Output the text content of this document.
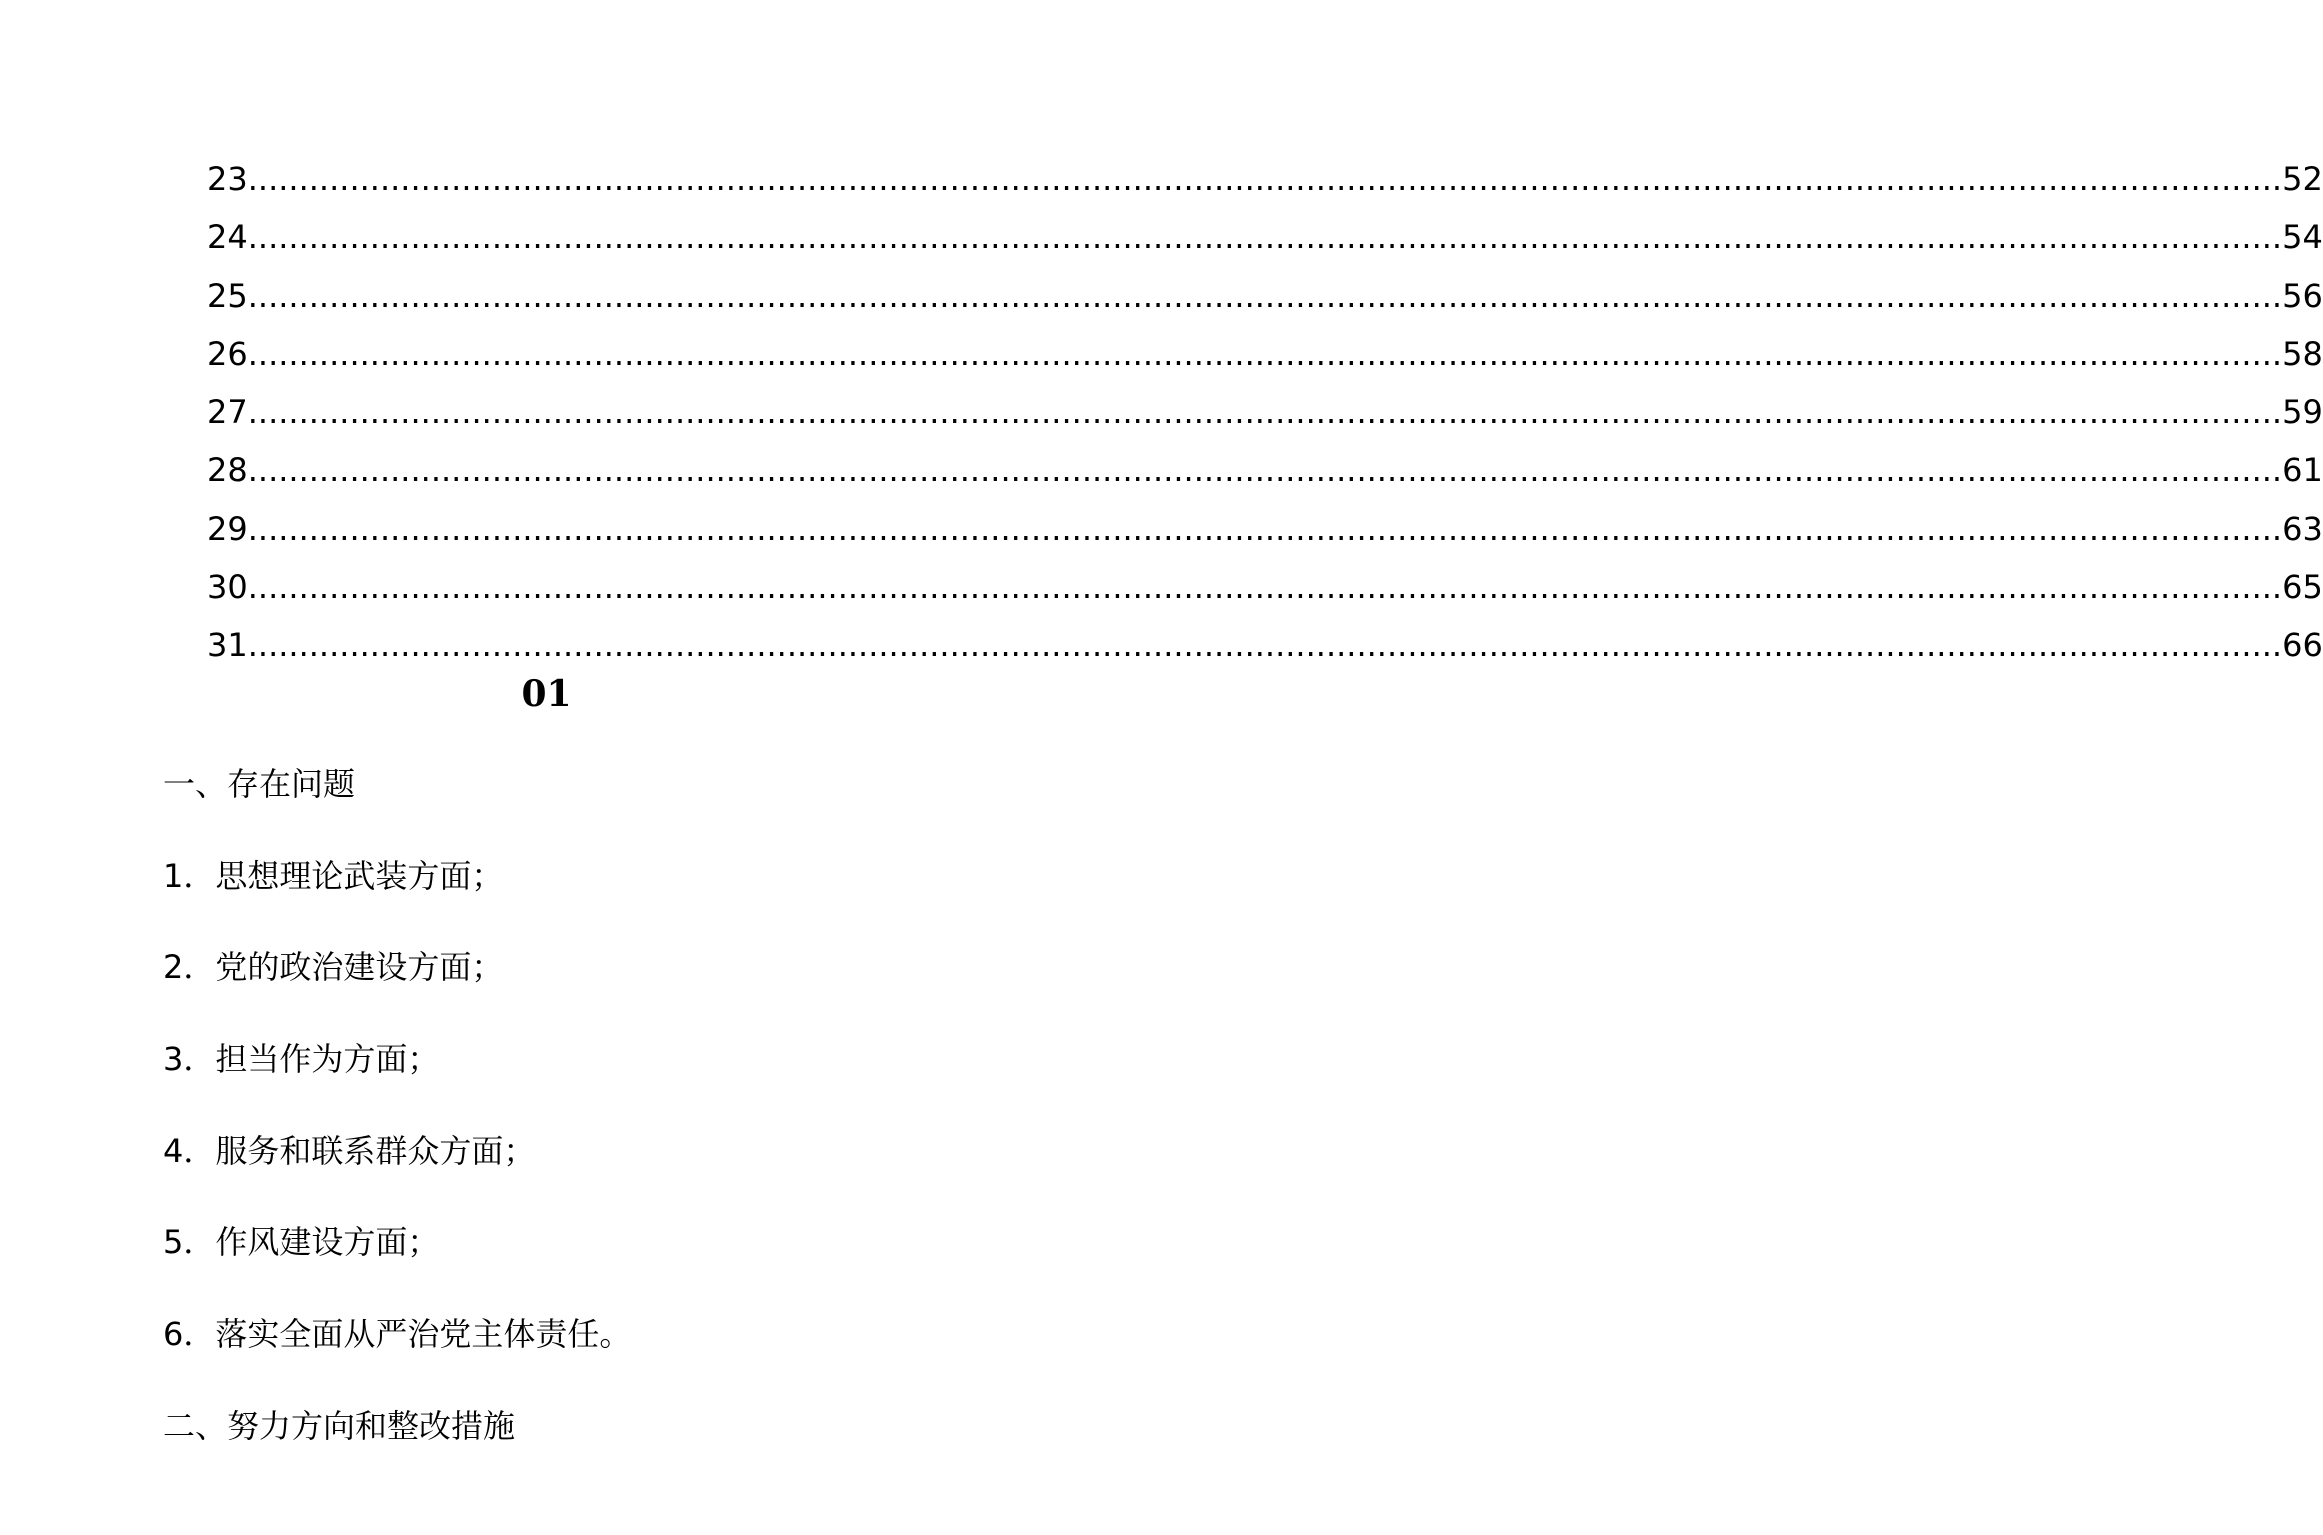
23 ........................................................................................................................................................................................................ 52
24 ........................................................................................................................................................................................................ 54
25 ........................................................................................................................................................................................................ 56
26 ........................................................................................................................................................................................................ 58
27 ........................................................................................................................................................................................................ 59
28 ........................................................................................................................................................................................................ 61
29 ........................................................................................................................................................................................................ 63
30 ........................................................................................................................................................................................................ 65
31 ........................................................................................................................................................................................................ 66
01
一、存在问题
1．思想理论武装方面；
2．党的政治建设方面；
3．担当作为方面；
4．服务和联系群众方面；
5．作风建设方面；
6．落实全面从严治党主体责任。
二、努力方向和整改措施
